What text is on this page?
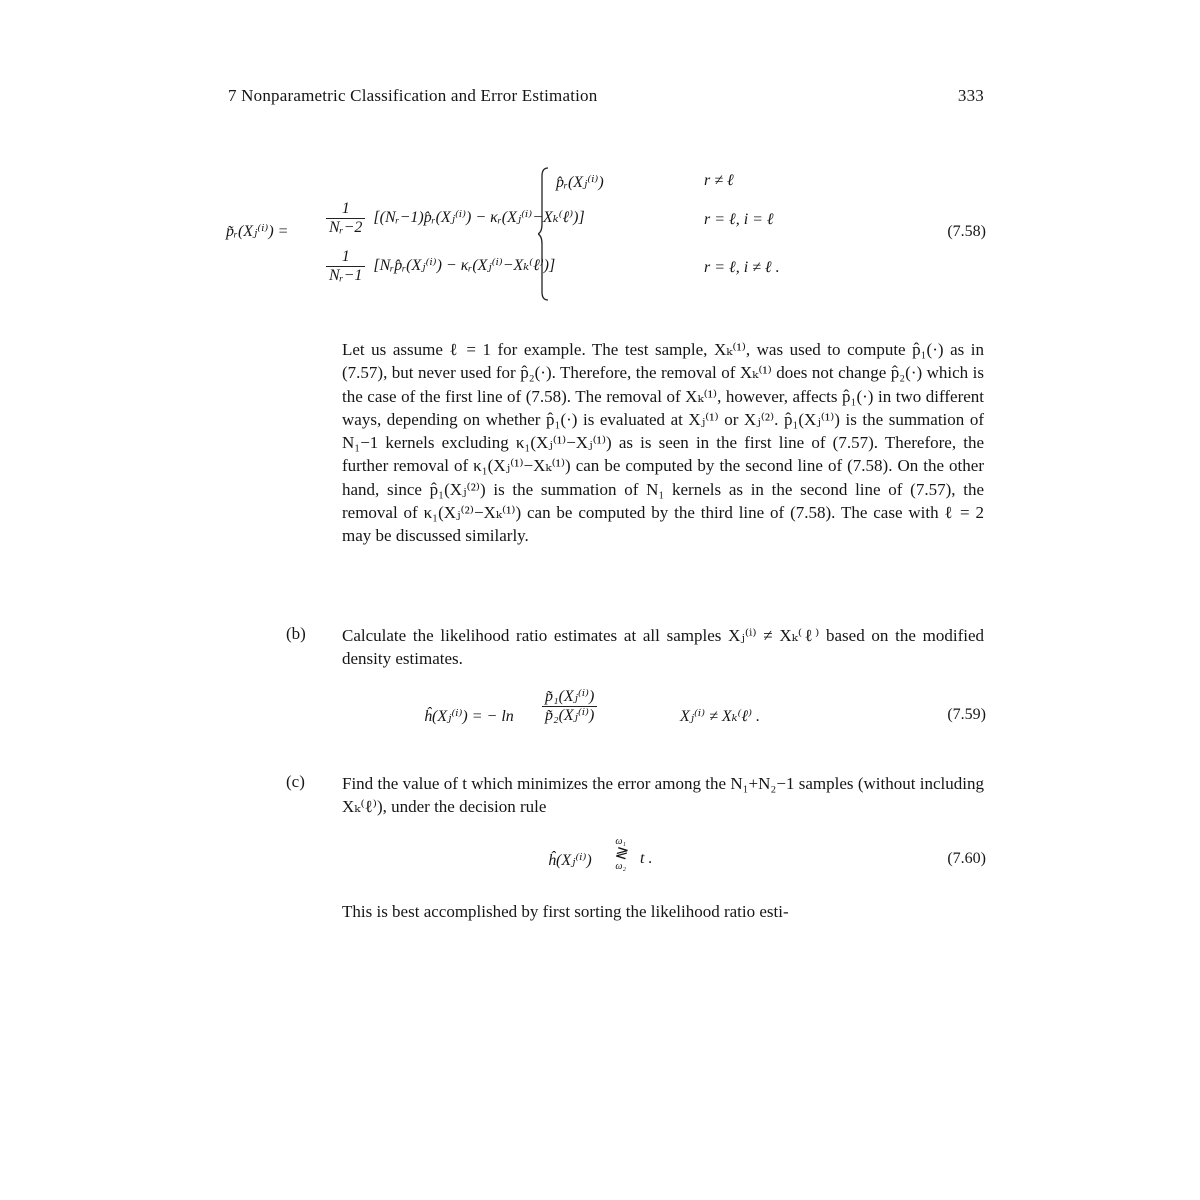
7 Nonparametric Classification and Error Estimation	333
p̃ᵣ(Xⱼ⁽ⁱ⁾) =
p̂ᵣ(Xⱼ⁽ⁱ⁾)	r ≠ ℓ
$\frac{1}{\text{Nᵣ−2}}$ [(Nᵣ−1)p̂ᵣ(Xⱼ⁽ⁱ⁾) − κᵣ(Xⱼ⁽ⁱ⁾−Xₖ⁽ℓ⁾)]	r = ℓ, i = ℓ
$\frac{1}{\text{Nᵣ−1}}$ [Nᵣp̂ᵣ(Xⱼ⁽ⁱ⁾) − κᵣ(Xⱼ⁽ⁱ⁾−Xₖ⁽ℓ⁾)]	r = ℓ, i ≠ ℓ .
(7.58)
Let us assume ℓ = 1 for example. The test sample, Xₖ⁽¹⁾, was used to compute p̂₁(·) as in (7.57), but never used for p̂₂(·). Therefore, the removal of Xₖ⁽¹⁾ does not change p̂₂(·) which is the case of the first line of (7.58). The removal of Xₖ⁽¹⁾, however, affects p̂₁(·) in two different ways, depending on whether p̂₁(·) is evaluated at Xⱼ⁽¹⁾ or Xⱼ⁽²⁾. p̂₁(Xⱼ⁽¹⁾) is the summation of N₁−1 kernels excluding κ₁(Xⱼ⁽¹⁾−Xⱼ⁽¹⁾) as is seen in the first line of (7.57). Therefore, the further removal of κ₁(Xⱼ⁽¹⁾−Xₖ⁽¹⁾) can be computed by the second line of (7.58). On the other hand, since p̂₁(Xⱼ⁽²⁾) is the summation of N₁ kernels as in the second line of (7.57), the removal of κ₁(Xⱼ⁽²⁾−Xₖ⁽¹⁾) can be computed by the third line of (7.58). The case with ℓ = 2 may be discussed similarly.
(b) Calculate the likelihood ratio estimates at all samples Xⱼ⁽ⁱ⁾ ≠ Xₖ⁽ℓ⁾ based on the modified density estimates.
ĥ(Xⱼ⁽ⁱ⁾) = − $\ln \frac{\text{p̃₁(Xⱼ⁽ⁱ⁾)}}{\text{p̃₂(Xⱼ⁽ⁱ⁾)}}$	Xⱼ⁽ⁱ⁾ ≠ Xₖ⁽ℓ⁾ .	(7.59)
(c) Find the value of t which minimizes the error among the N₁+N₂−1 samples (without including Xₖ⁽ℓ⁾), under the decision rule
ĥ(Xⱼ⁽ⁱ⁾)
ω₁
≷
ω₂ t .	(7.60)
This is best accomplished by first sorting the likelihood ratio esti-
